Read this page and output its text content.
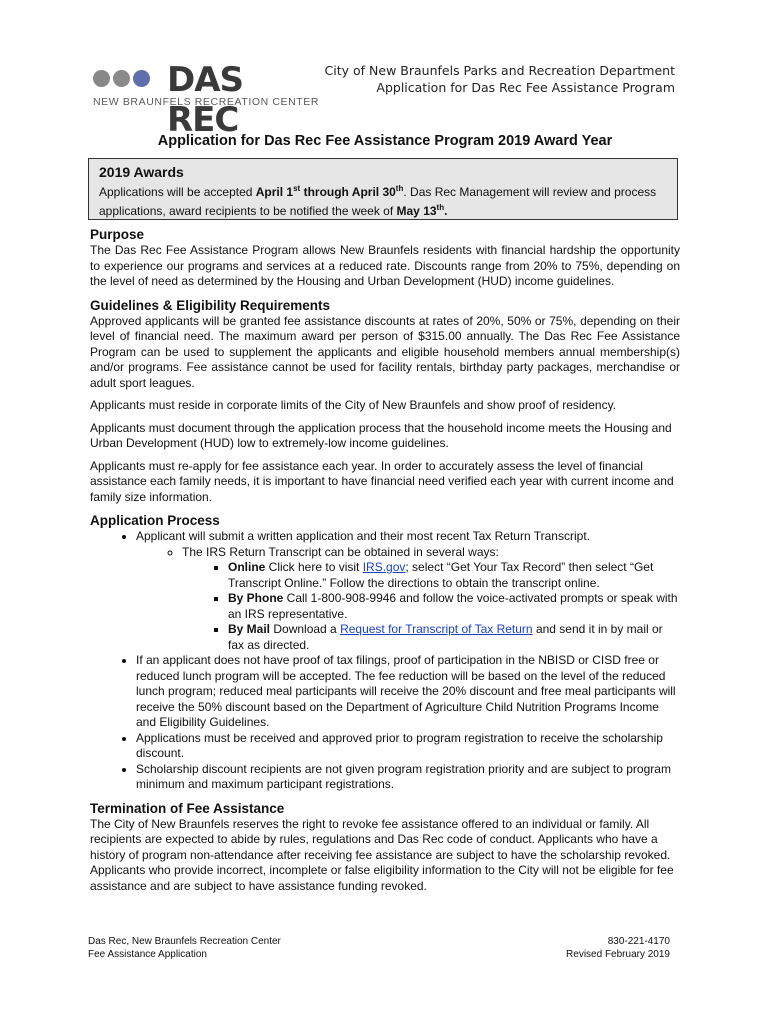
DAS REC
NEW BRAUNFELS RECREATION CENTER
City of New Braunfels Parks and Recreation Department
Application for Das Rec Fee Assistance Program
Application for Das Rec Fee Assistance Program 2019 Award Year
2019 Awards

Applications will be accepted April 1st through April 30th. Das Rec Management will review and process applications, award recipients to be notified the week of May 13th.

Purpose

The Das Rec Fee Assistance Program allows New Braunfels residents with financial hardship the opportunity to experience our programs and services at a reduced rate. Discounts range from 20% to 75%, depending on the level of need as determined by the Housing and Urban Development (HUD) income guidelines.

Guidelines & Eligibility Requirements

Approved applicants will be granted fee assistance discounts at rates of 20%, 50% or 75%, depending on their level of financial need. The maximum award per person of $315.00 annually. The Das Rec Fee Assistance Program can be used to supplement the applicants and eligible household members annual membership(s) and/or programs. Fee assistance cannot be used for facility rentals, birthday party packages, merchandise or adult sport leagues.

Applicants must reside in corporate limits of the City of New Braunfels and show proof of residency.

Applicants must document through the application process that the household income meets the Housing and Urban Development (HUD) low to extremely-low income guidelines.

Applicants must re-apply for fee assistance each year. In order to accurately assess the level of financial assistance each family needs, it is important to have financial need verified each year with current income and family size information.

Application Process
• Applicant will submit a written application and their most recent Tax Return Transcript.
◦ The IRS Return Transcript can be obtained in several ways:
▪ Online Click here to visit IRS.gov; select “Get Your Tax Record” then select “Get Transcript Online.” Follow the directions to obtain the transcript online.
▪ By Phone Call 1-800-908-9946 and follow the voice-activated prompts or speak with an IRS representative.
▪ By Mail Download a Request for Transcript of Tax Return and send it in by mail or fax as directed.
• If an applicant does not have proof of tax filings, proof of participation in the NBISD or CISD free or reduced lunch program will be accepted. The fee reduction will be based on the level of the reduced lunch program; reduced meal participants will receive the 20% discount and free meal participants will receive the 50% discount based on the Department of Agriculture Child Nutrition Programs Income and Eligibility Guidelines.
• Applications must be received and approved prior to program registration to receive the scholarship discount.
• Scholarship discount recipients are not given program registration priority and are subject to program minimum and maximum participant registrations.
Termination of Fee Assistance

The City of New Braunfels reserves the right to revoke fee assistance offered to an individual or family. All recipients are expected to abide by rules, regulations and Das Rec code of conduct. Applicants who have a history of program non-attendance after receiving fee assistance are subject to have the scholarship revoked. Applicants who provide incorrect, incomplete or false eligibility information to the City will not be eligible for fee assistance and are subject to have assistance funding revoked.

Das Rec, New Braunfels Recreation Center
Fee Assistance Application
830-221-4170
Revised February 2019
